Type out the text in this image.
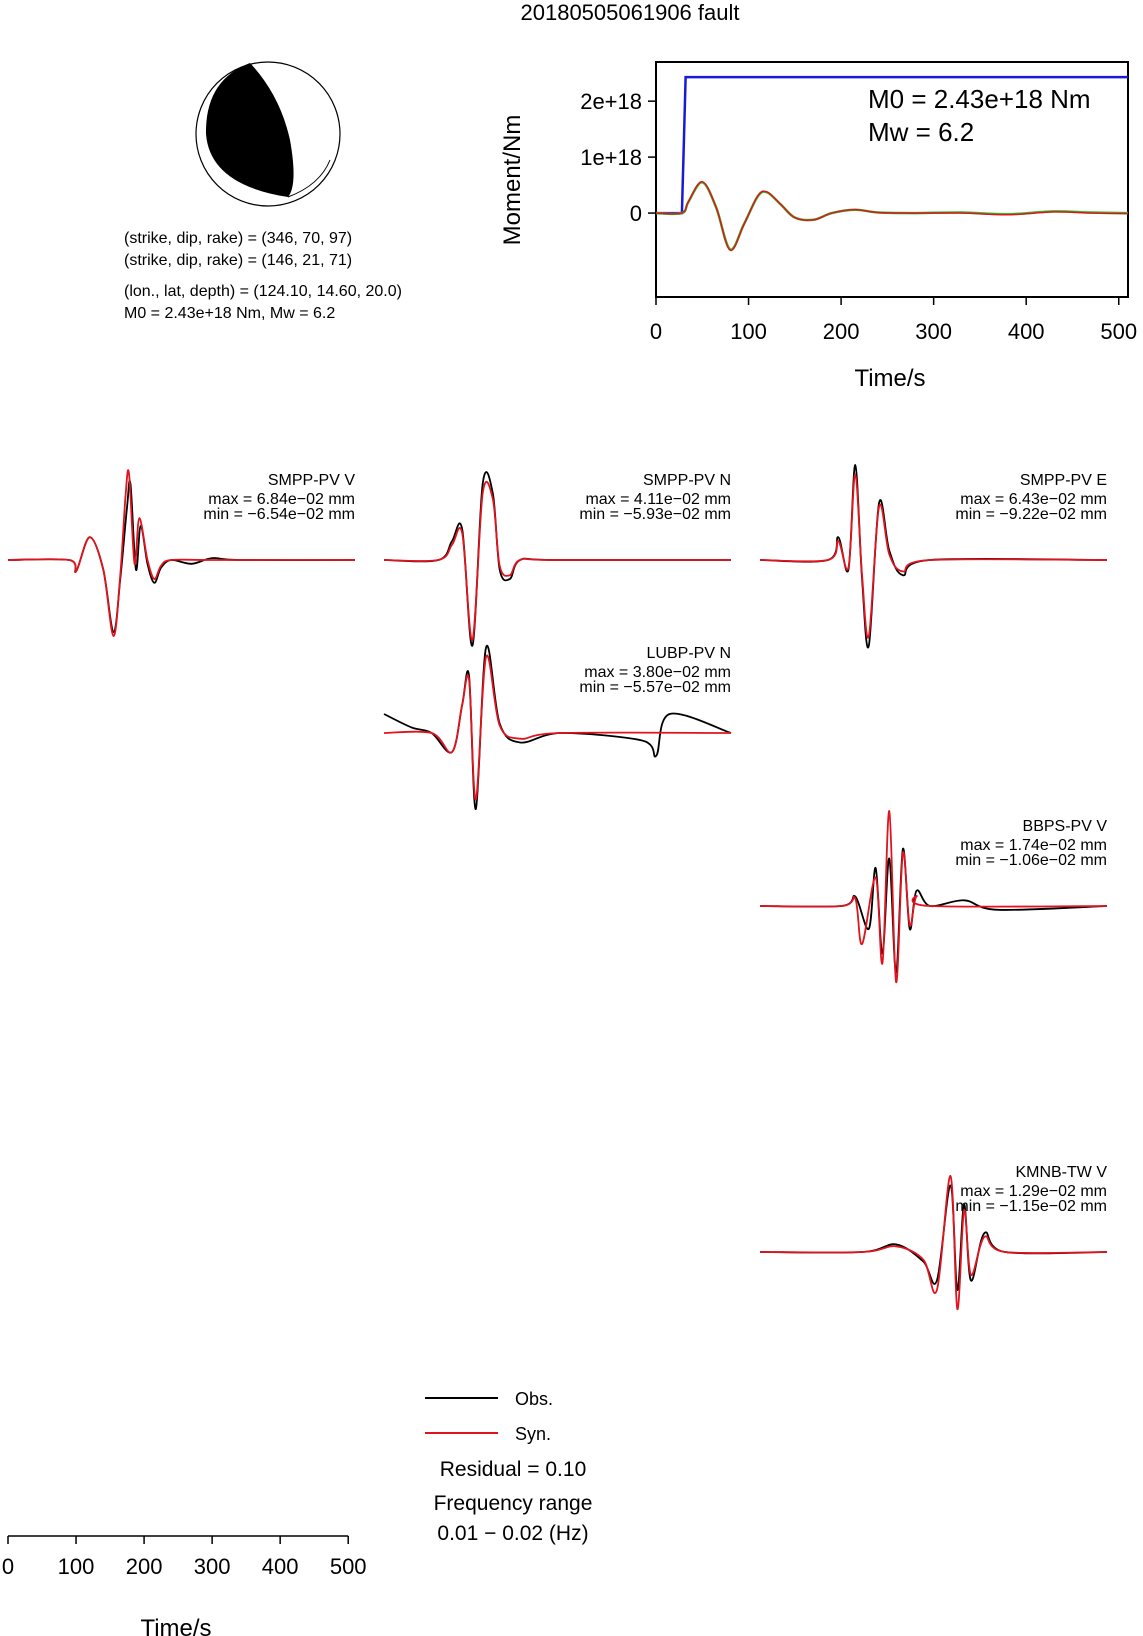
20180505061906 fault
(strike, dip, rake) = (346, 70, 97)
(strike, dip, rake) = (146, 21, 71)
(lon., lat, depth) = (124.10, 14.60, 20.0)
M0 = 2.43e+18 Nm, Mw = 6.2
Moment/Nm
Time/s
M0 = 2.43e+18 Nm
Mw = 6.2
0
1e+18
2e+18
0	100	200	300	400	500
SMPP-PV V
max = 6.84e−02 mm
min = −6.54e−02 mm
SMPP-PV N
max = 4.11e−02 mm
min = −5.93e−02 mm
SMPP-PV E
max = 6.43e−02 mm
min = −9.22e−02 mm
LUBP-PV N
max = 3.80e−02 mm
min = −5.57e−02 mm
BBPS-PV V
max = 1.74e−02 mm
min = −1.06e−02 mm
KMNB-TW V
max = 1.29e−02 mm
min = −1.15e−02 mm
0 100 200 300 400 500
Time/s
Obs.
Syn.
Residual = 0.10
Frequency range
0.01 − 0.02 (Hz)
